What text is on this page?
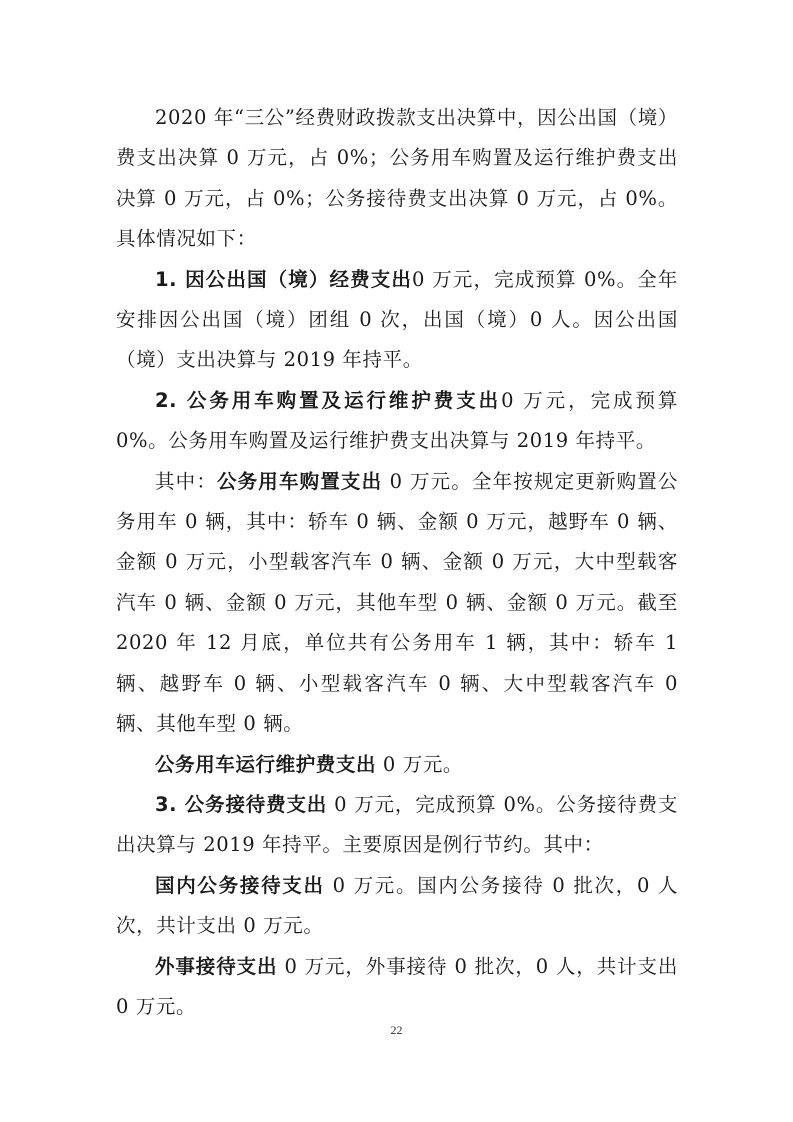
2020 年“三公”经费财政拨款支出决算中，因公出国（境）费支出决算 0 万元，占 0%；公务用车购置及运行维护费支出决算 0 万元，占 0%；公务接待费支出决算 0 万元，占 0%。具体情况如下：

1. 因公出国（境）经费支出0 万元，完成预算 0%。全年安排因公出国（境）团组 0 次，出国（境）0 人。因公出国（境）支出决算与 2019 年持平。

2. 公务用车购置及运行维护费支出0 万元，完成预算 0%。公务用车购置及运行维护费支出决算与 2019 年持平。

其中：公务用车购置支出 0 万元。全年按规定更新购置公务用车 0 辆，其中：轿车 0 辆、金额 0 万元，越野车 0 辆、金额 0 万元，小型载客汽车 0 辆、金额 0 万元，大中型载客汽车 0 辆、金额 0 万元，其他车型 0 辆、金额 0 万元。截至 2020 年 12 月底，单位共有公务用车 1 辆，其中：轿车 1 辆、越野车 0 辆、小型载客汽车 0 辆、大中型载客汽车 0 辆、其他车型 0 辆。

公务用车运行维护费支出 0 万元。

3. 公务接待费支出 0 万元，完成预算 0%。公务接待费支出决算与 2019 年持平。主要原因是例行节约。其中：

国内公务接待支出 0 万元。国内公务接待 0 批次，0 人次，共计支出 0 万元。

外事接待支出 0 万元，外事接待 0 批次，0 人，共计支出 0 万元。

22
